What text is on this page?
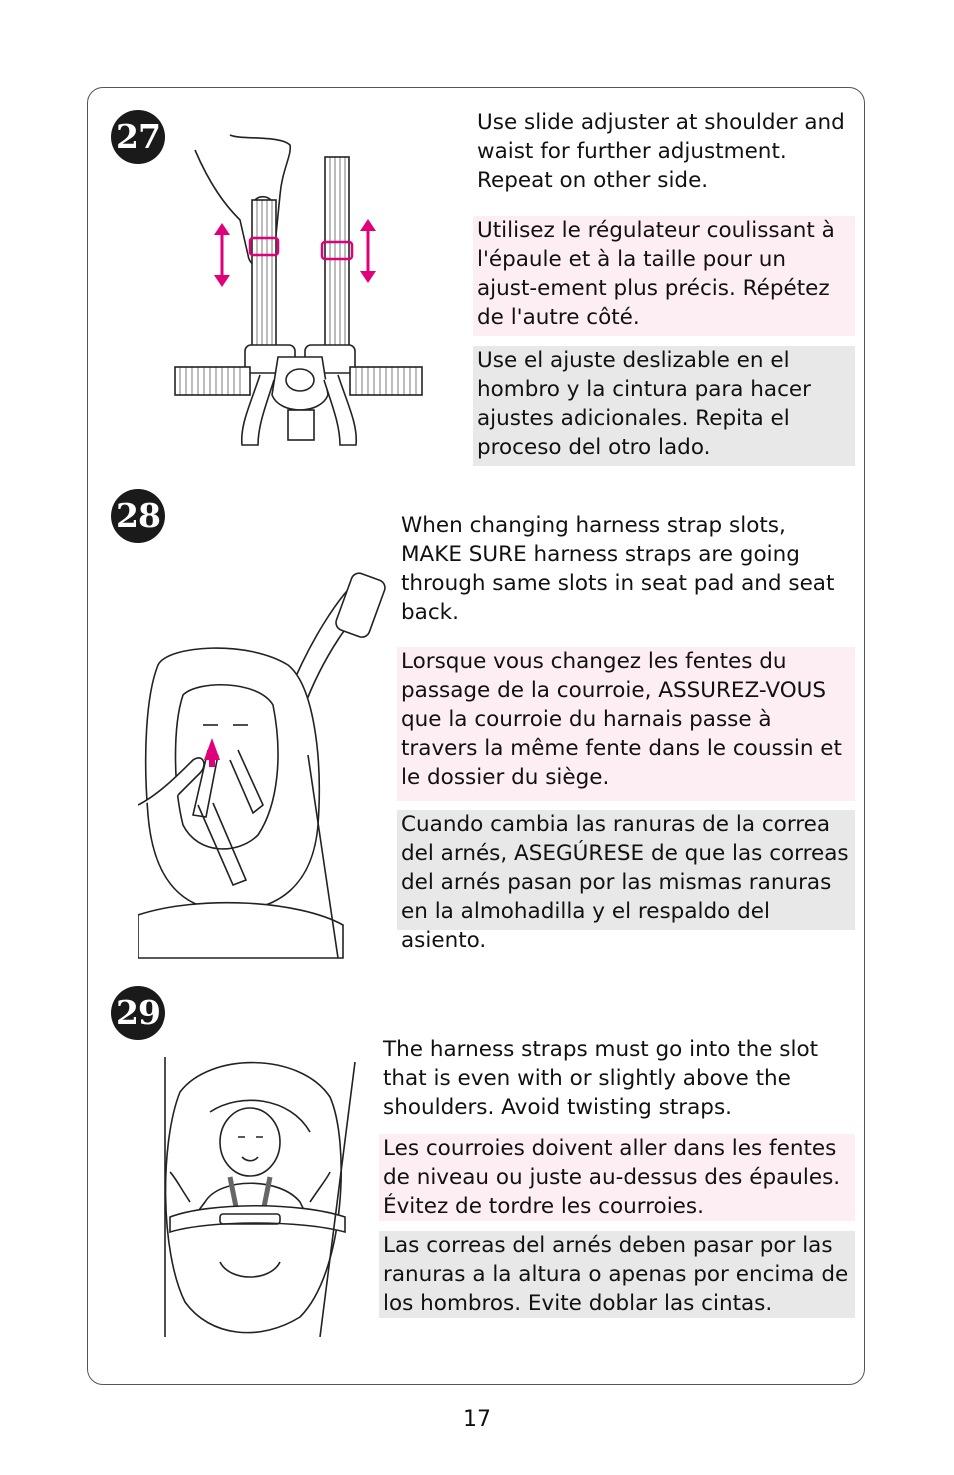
27	Use slide adjuster at shoulder and waist for further adjustment. Repeat on other side.
Utilisez le régulateur coulissant à l'épaule et à la taille pour un ajust-ement plus précis. Répétez de l'autre côté.
Use el ajuste deslizable en el hombro y la cintura para hacer ajustes adicionales. Repita el proceso del otro lado.
28	When changing harness strap slots, MAKE SURE harness straps are going through same slots in seat pad and seat back.
Lorsque vous changez les fentes du passage de la courroie, ASSUREZ-VOUS que la courroie du harnais passe à travers la même fente dans le coussin et le dossier du siège.
Cuando cambia las ranuras de la correa del arnés, ASEGÚRESE de que las correas del arnés pasan por las mismas ranuras en la almohadilla y el respaldo del asiento.
29
The harness straps must go into the slot that is even with or slightly above the shoulders. Avoid twisting straps.
Les courroies doivent aller dans les fentes de niveau ou juste au-dessus des épaules. Évitez de tordre les courroies.
Las correas del arnés deben pasar por las ranuras a la altura o apenas por encima de los hombros. Evite doblar las cintas.
17
